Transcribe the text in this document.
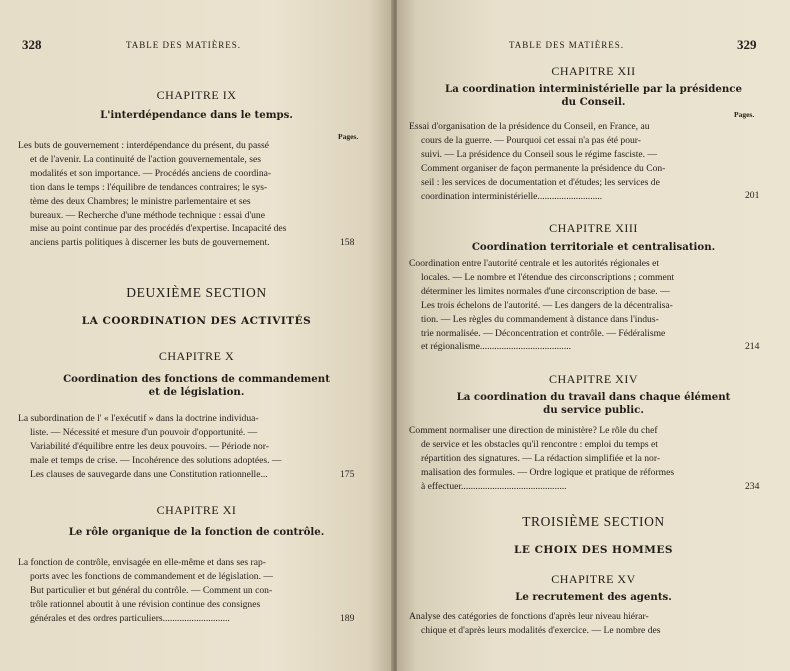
328	TABLE DES MATIÈRES.
CHAPITRE IX
L'interdépendance dans le temps.
Pages.
Les buts de gouvernement : interdépendance du présent, du passé
et de l'avenir. La continuité de l'action gouvernementale, ses
modalités et son importance. — Procédés anciens de coordina-
tion dans le temps : l'équilibre de tendances contraires; le sys-
tème des deux Chambres; le ministre parlementaire et ses
bureaux. — Recherche d'une méthode technique : essai d'une
mise au point continue par des procédés d'expertise. Incapacité des
anciens partis politiques à discerner les buts de gouvernement.	158
DEUXIÈME SECTION
LA COORDINATION DES ACTIVITÉS
CHAPITRE X
Coordination des fonctions de commandement
et de législation.
La subordination de l' « l'exécutif » dans la doctrine individua-
liste. — Nécessité et mesure d'un pouvoir d'opportunité. —
Variabilité d'équilibre entre les deux pouvoirs. — Période nor-
male et temps de crise. — Incohérence des solutions adoptées. —
Les clauses de sauvegarde dans une Constitution rationnelle...	175
CHAPITRE XI
Le rôle organique de la fonction de contrôle.
La fonction de contrôle, envisagée en elle-même et dans ses rap-
ports avec les fonctions de commandement et de législation. —
But particulier et but général du contrôle. — Comment un con-
trôle rationnel aboutit à une révision continue des consignes
générales et des ordres particuliers............................	189
TABLE DES MATIÈRES.	329
CHAPITRE XII
La coordination interministérielle par la présidence
du Conseil.
Pages.
Essai d'organisation de la présidence du Conseil, en France, au
cours de la guerre. — Pourquoi cet essai n'a pas été pour-
suivi. — La présidence du Conseil sous le régime fasciste. —
Comment organiser de façon permanente la présidence du Con-
seil : les services de documentation et d'études; les services de
coordination interministérielle...........................	201
CHAPITRE XIII
Coordination territoriale et centralisation.
Coordination entre l'autorité centrale et les autorités régionales et
locales. — Le nombre et l'étendue des circonscriptions ; comment
déterminer les limites normales d'une circonscription de base. —
Les trois échelons de l'autorité. — Les dangers de la décentralisa-
tion. — Les règles du commandement à distance dans l'indus-
trie normalisée. — Déconcentration et contrôle. — Fédéralisme
et régionalisme......................................	214
CHAPITRE XIV
La coordination du travail dans chaque élément
du service public.
Comment normaliser une direction de ministère? Le rôle du chef
de service et les obstacles qu'il rencontre : emploi du temps et
répartition des signatures. — La rédaction simplifiée et la nor-
malisation des formules. — Ordre logique et pratique de réformes
à effectuer............................................	234
TROISIÈME SECTION
LE CHOIX DES HOMMES
CHAPITRE XV
Le recrutement des agents.
Analyse des catégories de fonctions d'après leur niveau hiérar-
chique et d'après leurs modalités d'exercice. — Le nombre des
